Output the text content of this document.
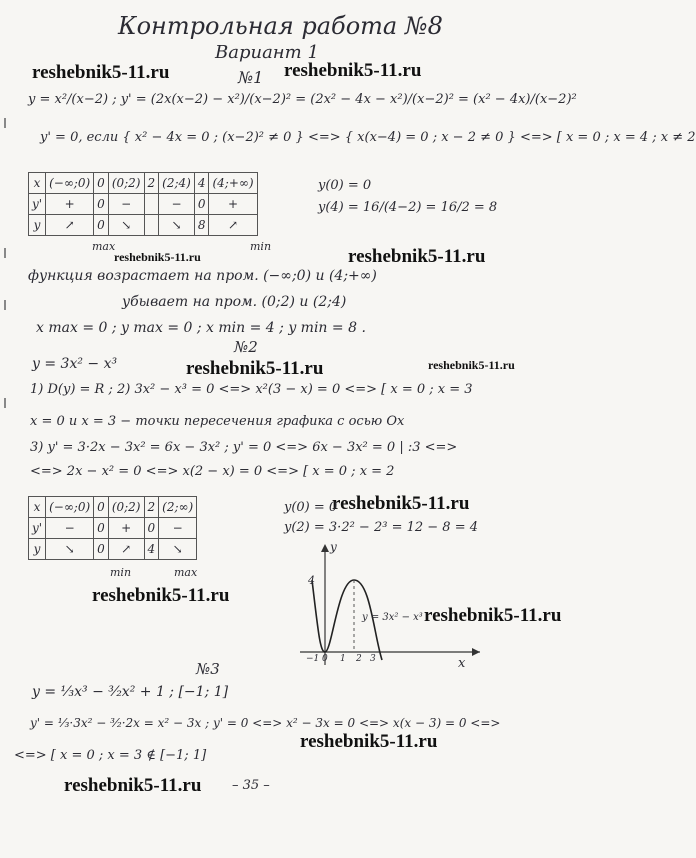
Контрольная работа №8
Вариант 1
reshebnik5-11.ru	reshebnik5-11.ru
reshebnik5-11.ru	reshebnik5-11.ru
reshebnik5-11.ru	reshebnik5-11.ru
reshebnik5-11.ru
reshebnik5-11.ru
reshebnik5-11.ru
reshebnik5-11.ru
reshebnik5-11.ru
№1
y = x²/(x−2) ; y' = (2x(x−2) − x²)/(x−2)² = (2x² − 4x − x²)/(x−2)² = (x² − 4x)/(x−2)²
y' = 0, если { x² − 4x = 0 ; (x−2)² ≠ 0 } <=> { x(x−4) = 0 ; x − 2 ≠ 0 } <=> [ x = 0 ; x = 4 ; x ≠ 2
x	(−∞;0)	0	(0;2)	2	(2;4)	4	(4;+∞)
y'	+	0	−		−	0	+
y	↗	0	↘		↘	8	↗
max	min
y(0) = 0
y(4) = 16/(4−2) = 16/2 = 8
функция возрастает на пром. (−∞;0) и (4;+∞)
убывает на пром. (0;2) и (2;4)
x max = 0 ; y max = 0 ; x min = 4 ; y min = 8 .
№2
y = 3x² − x³
1) D(y) = R ; 2) 3x² − x³ = 0 <=> x²(3 − x) = 0 <=> [ x = 0 ; x = 3
x = 0 и x = 3 − точки пересечения графика с осью Ox
3) y' = 3·2x − 3x² = 6x − 3x² ; y' = 0 <=> 6x − 3x² = 0 | :3 <=>
<=> 2x − x² = 0 <=> x(2 − x) = 0 <=> [ x = 0 ; x = 2
x	(−∞;0)	0	(0;2)	2	(2;∞)
y'	−	0	+	0	−
y	↘	0	↗	4	↘
min	max
y(0) = 0
y(2) = 3·2² − 2³ = 12 − 8 = 4
y
4
y = 3x² − x³
x
−1 0 1 2 3
№3
y = ⅓x³ − ³⁄₂x² + 1 ; [−1; 1]
y' = ⅓·3x² − ³⁄₂·2x = x² − 3x ; y' = 0 <=> x² − 3x = 0 <=> x(x − 3) = 0 <=>
<=> [ x = 0 ; x = 3 ∉ [−1; 1]
– 35 –
